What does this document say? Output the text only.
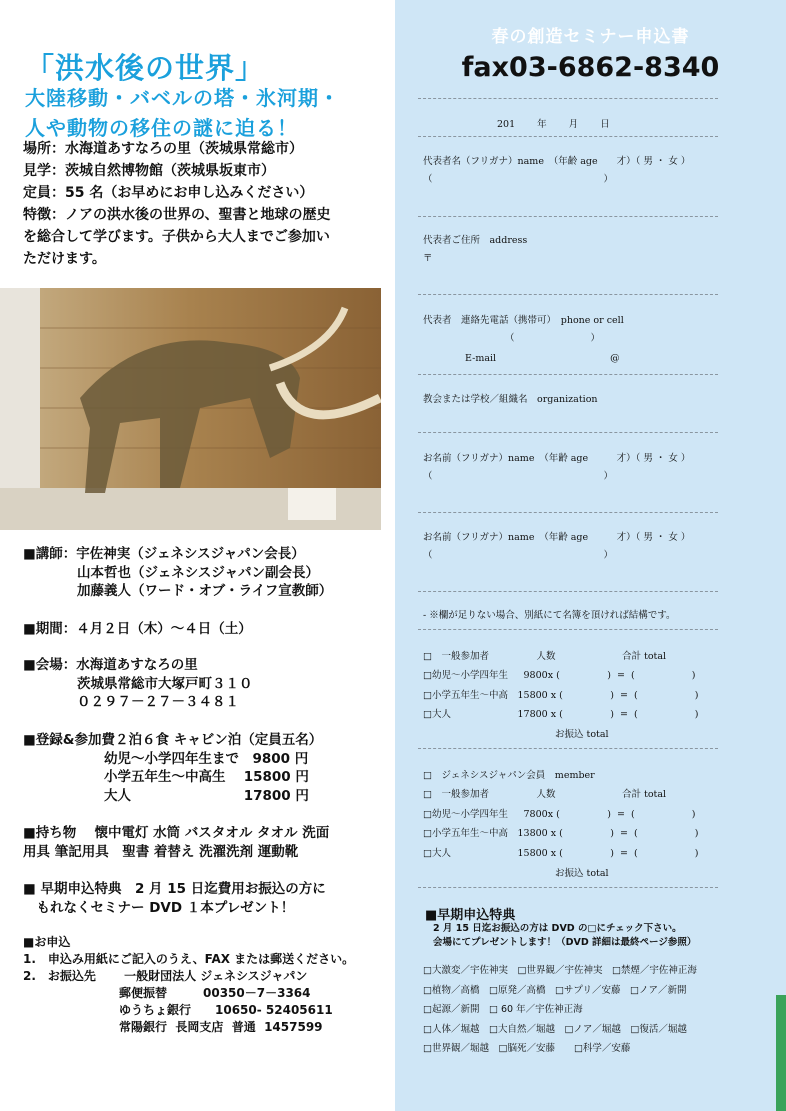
「洪水後の世界」
大陸移動・バベルの塔・氷河期・
人や動物の移住の謎に迫る！
場所：水海道あすなろの里（茨城県常総市）
見学：茨城自然博物館（茨城県坂東市）
定員：55 名（お早めにお申し込みください）
特徴：ノアの洪水後の世界の、聖書と地球の歴史
を総合して学びます。子供から大人までご参加い
ただけます。
■講師：宇佐神実（ジェネシスジャパン会長）
　　　　山本哲也（ジェネシスジャパン副会長）
　　　　加藤義人（ワード・オブ・ライフ宣教師）
■期間：４月２日（木）～４日（土）
■会場：水海道あすなろの里
　　　　茨城県常総市大塚戸町３１０
　　　　０２９７－２７－３４８１
■登録&参加費２泊６食 キャビン泊（定員五名）
　　　　　　幼児～小学四年生まで　9800 円
　　　　　　小学五年生～中高生　 15800 円
　　　　　　大人　　　　　　　　 17800 円
■持ち物　 懐中電灯 水筒 バスタオル タオル 洗面
用具 筆記用具　聖書 着替え 洗濯洗剤 運動靴
■ 早期申込特典　2 月 15 日迄費用お振込の方に
　もれなくセミナー DVD １本プレゼント！
■お申込
1.　申込み用紙にご記入のうえ、FAX または郵送ください。
2.　お振込先　　 一般財団法人 ジェネシスジャパン
　　　　　　　　郵便振替　　　00350－7－3364
　　　　　　　　ゆうちょ銀行　　10650- 52405611
　　　　　　　　常陽銀行  長岡支店  普通  1457599
春の創造セミナー申込書
fax03-6862-8340
201　　 年　　 月　　 日
代表者名（フリガナ）name　（年齢 age　　才）（ 男 ・ 女 ）
（　　　　　　　　　　　　　　　　　　）
代表者ご住所　address
〒
代表者　連絡先電話（携帯可）　phone or cell
（　　　　　　　　）
E-mail　　　　　　　　　　　　@
教会または学校／組織名　organization
お名前（フリガナ）name　（年齢 age　　　才）（ 男 ・ 女 ）
（　　　　　　　　　　　　　　　　　　）
お名前（フリガナ）name　（年齢 age　　　才）（ 男 ・ 女 ）
（　　　　　　　　　　　　　　　　　　）
- ※欄が足りない場合、別紙にて名簿を頂ければ結構です。
□　一般参加者　　　　　人数　　　　　　　合計 total
□幼児～小学四年生　  9800x (　　　　　)  =  (　　　　　　)
□小学五年生～中高　15800 x (　　　　　)  =  (　　　　　　)
□大人　　　　　　　17800 x (　　　　　)  =  (　　　　　　)
お振込 total
□　ジェネシスジャパン会員　member
□　一般参加者　　　　　人数　　　　　　　合計 total
□幼児～小学四年生　  7800x (　　　　　)  =  (　　　　　　)
□小学五年生～中高　13800 x (　　　　　)  =  (　　　　　　)
□大人　　　　　　　15800 x (　　　　　)  =  (　　　　　　)
お振込 total
■早期申込特典
2 月 15 日迄お振込の方は DVD の□にチェック下さい。
会場にてプレゼントします！（DVD 詳細は最終ページ参照）
□大激変／宇佐神実　□世界観／宇佐神実　□禁煙／宇佐神正海
□植物／高橋　□原発／高橋　□サプリ／安藤　□ノア／新開
□起源／新開　□ 60 年／宇佐神正海
□人体／堀越　□大自然／堀越　□ノア／堀越　□復活／堀越
□世界観／堀越　□脳死／安藤　　□科学／安藤
